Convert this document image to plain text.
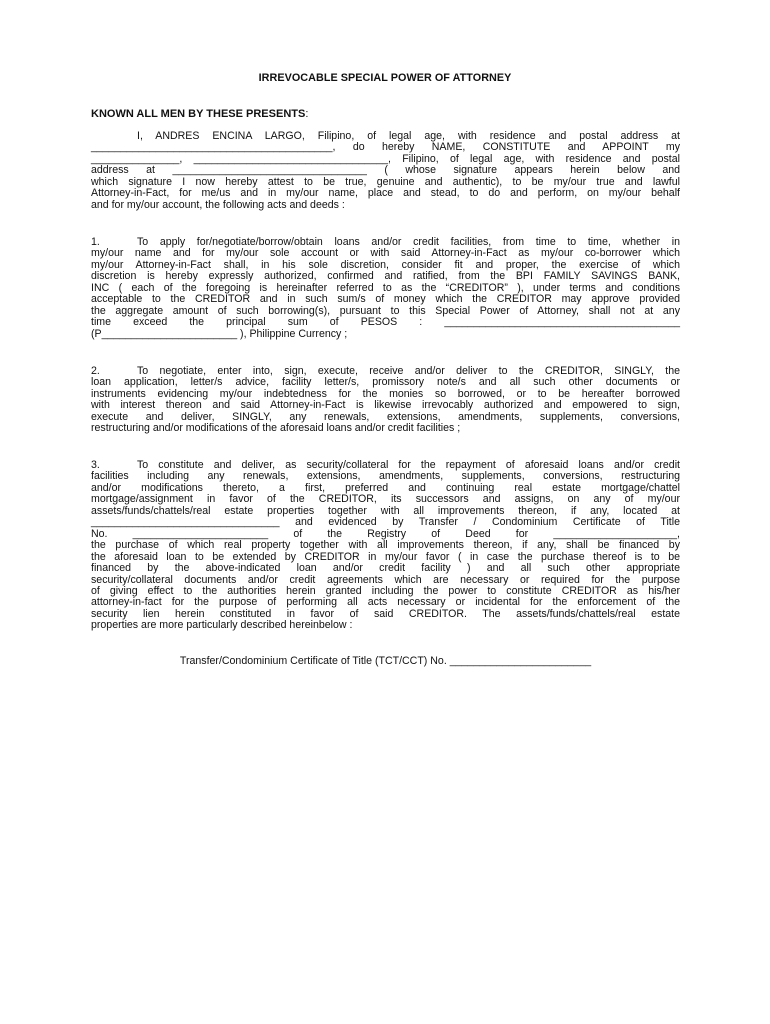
IRREVOCABLE SPECIAL POWER OF ATTORNEY
KNOWN ALL MEN BY THESE PRESENTS:
I, ANDRES ENCINA LARGO, Filipino, of legal age, with residence and postal address at
_________________________________________, do hereby NAME, CONSTITUTE and APPOINT my
_______________, _________________________________, Filipino, of legal age, with residence and postal
address at _________________________________ ( whose signature appears herein below and
which signature I now hereby attest to be true, genuine and authentic), to be my/our true and lawful
Attorney-in-Fact, for me/us and in my/our name, place and stead, to do and perform, on my/our behalf
and for my/our account, the following acts and deeds :
1.	To apply for/negotiate/borrow/obtain loans and/or credit facilities, from time to time, whether in
my/our name and for my/our sole account or with said Attorney-in-Fact as my/our co-borrower which
my/our Attorney-in-Fact shall, in his sole discretion, consider fit and proper, the exercise of which
discretion is hereby expressly authorized, confirmed and ratified, from the BPI FAMILY SAVINGS BANK,
INC ( each of the foregoing is hereinafter referred to as the “CREDITOR” ), under terms and conditions
acceptable to the CREDITOR and in such sum/s of money which the CREDITOR may approve provided
the aggregate amount of such borrowing(s), pursuant to this Special Power of Attorney, shall not at any
time exceed the principal sum of PESOS : ________________________________________
(P_______________________ ), Philippine Currency ;
2.	To negotiate, enter into, sign, execute, receive and/or deliver to the CREDITOR, SINGLY, the
loan application, letter/s advice, facility letter/s, promissory note/s and all such other documents or
instruments evidencing my/our indebtedness for the monies so borrowed, or to be hereafter borrowed
with interest thereon and said Attorney-in-Fact is likewise irrevocably authorized and empowered to sign,
execute and deliver, SINGLY, any renewals, extensions, amendments, supplements, conversions,
restructuring and/or modifications of the aforesaid loans and/or credit facilities ;
3.	To constitute and deliver, as security/collateral for the repayment of aforesaid loans and/or credit
facilities including any renewals, extensions, amendments, supplements, conversions, restructuring
and/or modifications thereto, a first, preferred and continuing real estate mortgage/chattel
mortgage/assignment in favor of the CREDITOR, its successors and assigns, on any of my/our
assets/funds/chattels/real estate properties together with all improvements thereon, if any, located at
________________________________ and evidenced by Transfer / Condominium Certificate of Title
No. _______________________ of the Registry of Deed for _____________________,
the purchase of which real property together with all improvements thereon, if any, shall be financed by
the aforesaid loan to be extended by CREDITOR in my/our favor ( in case the purchase thereof is to be
financed by the above-indicated loan and/or credit facility ) and all such other appropriate
security/collateral documents and/or credit agreements which are necessary or required for the purpose
of giving effect to the authorities herein granted including the power to constitute CREDITOR as his/her
attorney-in-fact for the purpose of performing all acts necessary or incidental for the enforcement of the
security lien herein constituted in favor of said CREDITOR. The assets/funds/chattels/real estate
properties are more particularly described hereinbelow :
Transfer/Condominium Certificate of Title (TCT/CCT) No. ________________________
